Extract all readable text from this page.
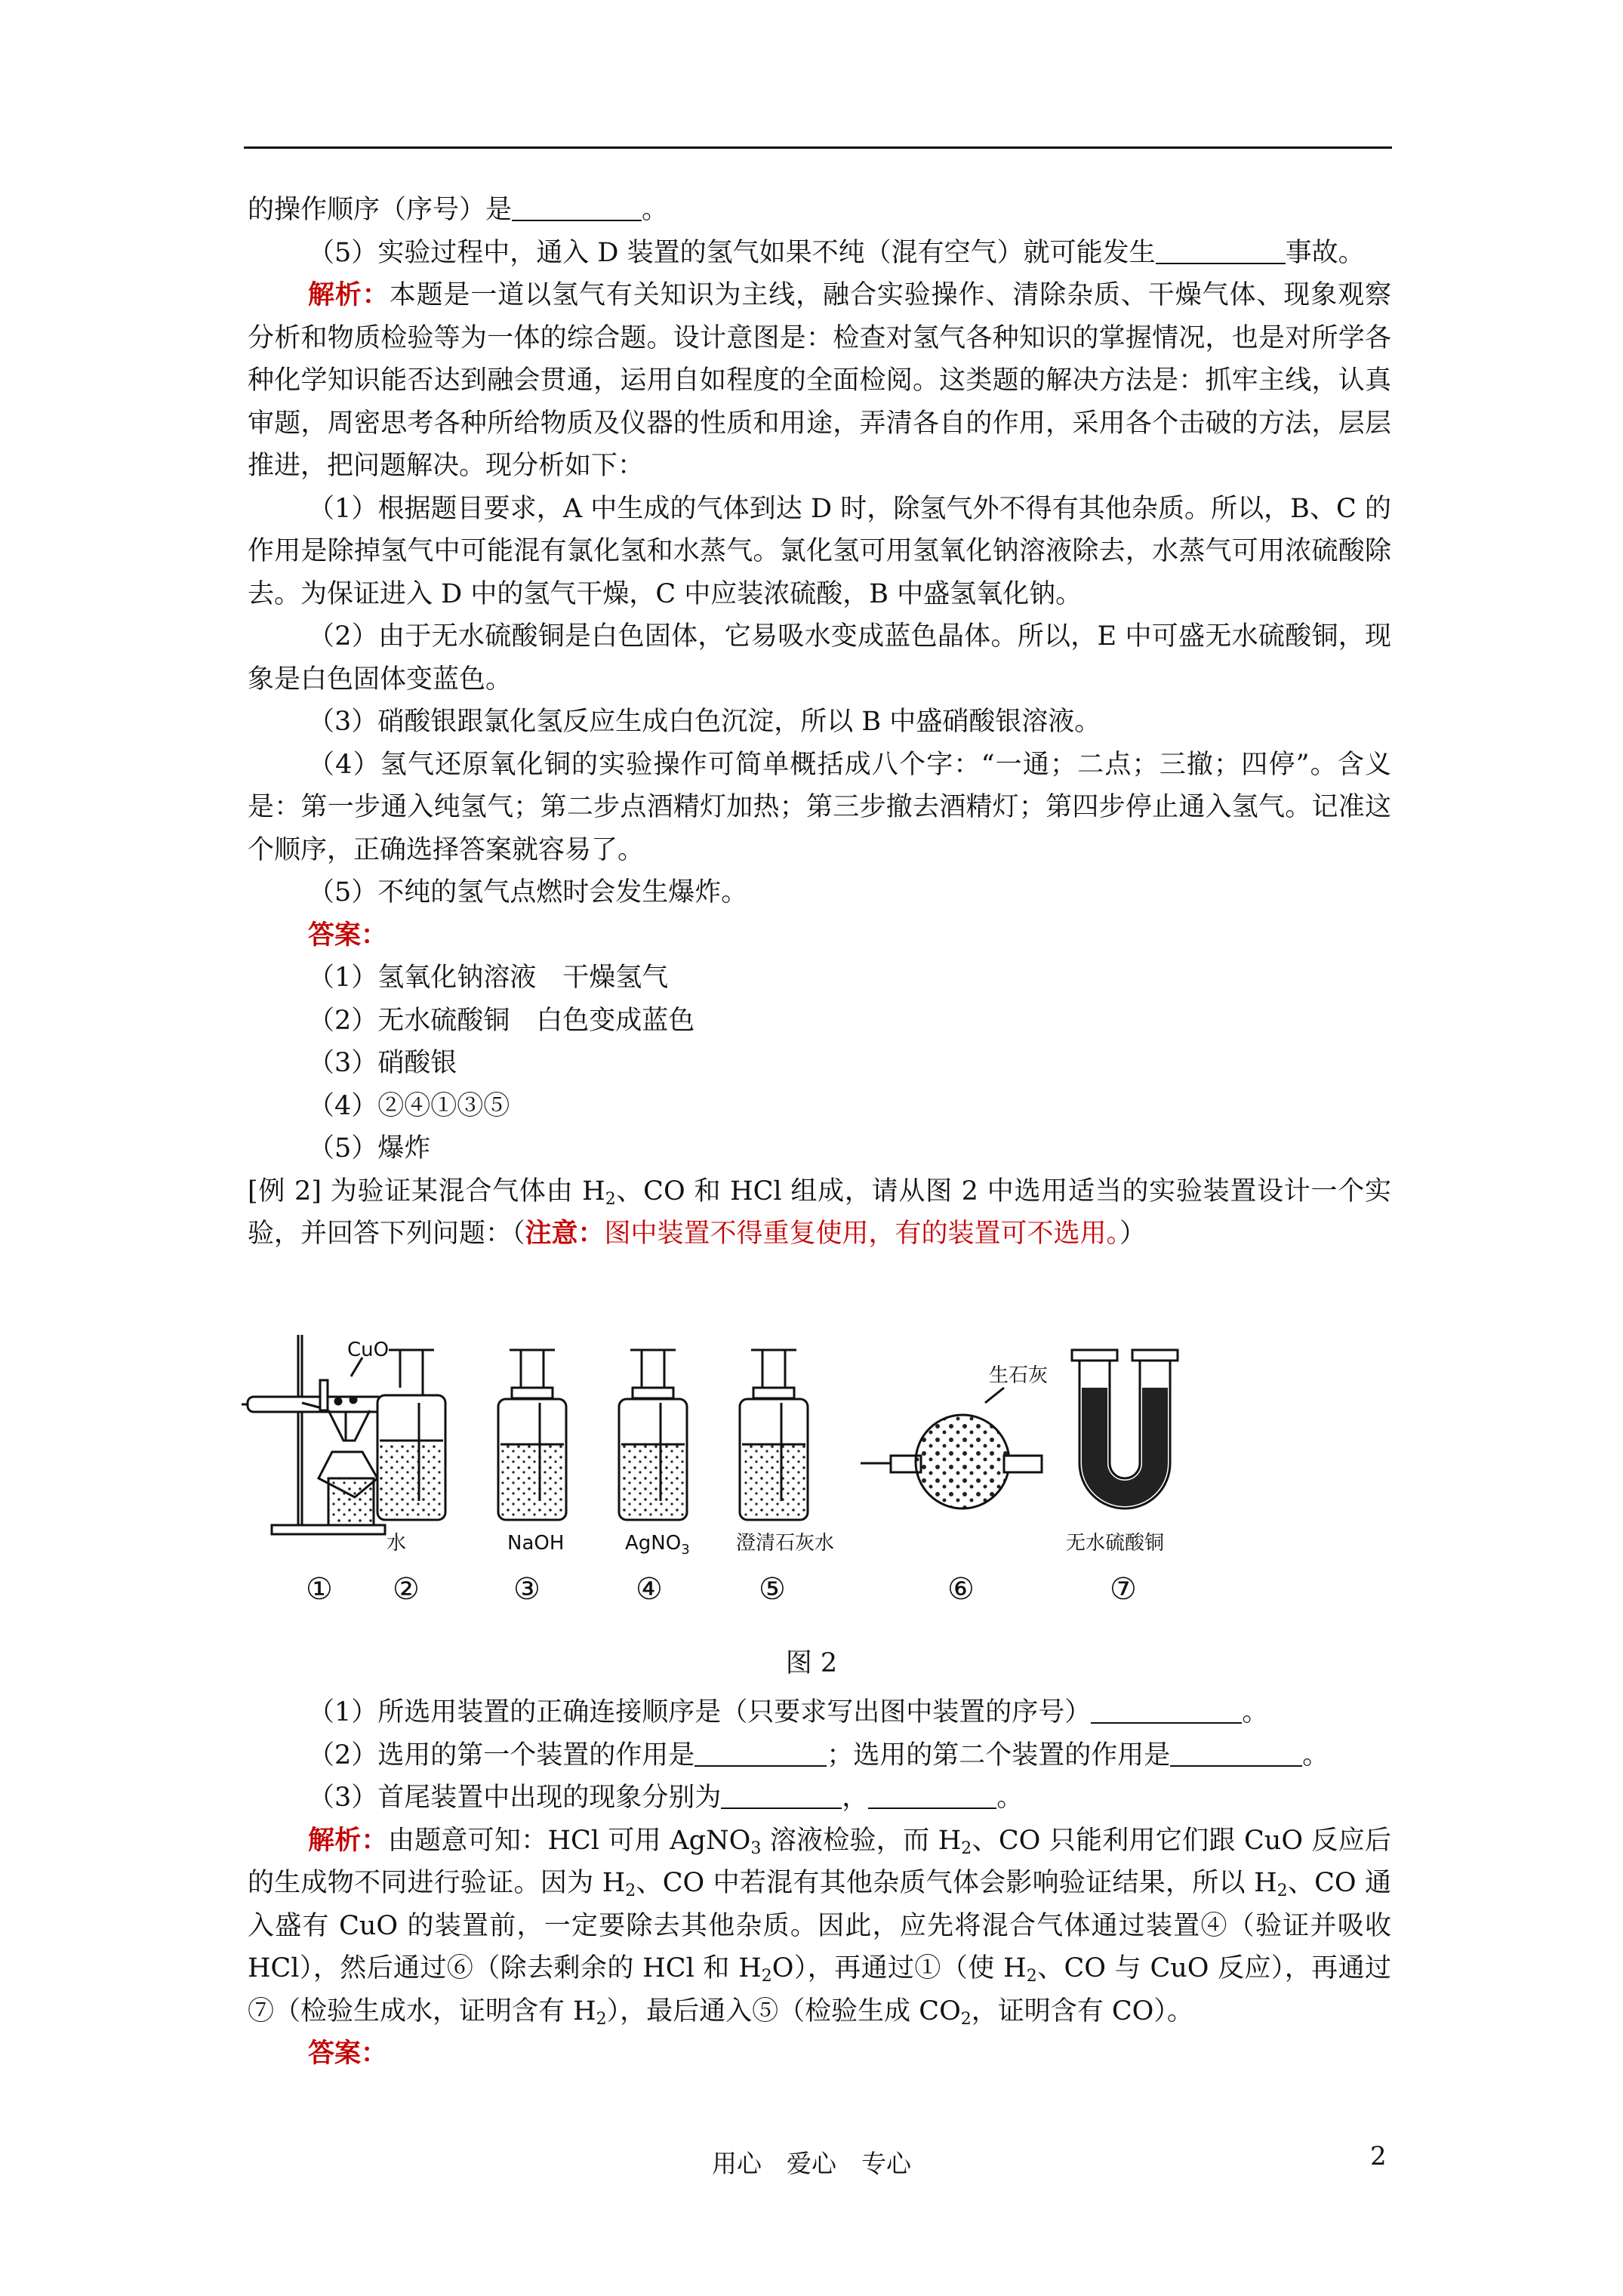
的操作顺序（序号）是	。

（5）实验过程中，通入 D 装置的氢气如果不纯（混有空气）就可能发生	事故。

解析：本题是一道以氢气有关知识为主线，融合实验操作、清除杂质、干燥气体、现象观察分析和物质检验等为一体的综合题。设计意图是：检查对氢气各种知识的掌握情况，也是对所学各种化学知识能否达到融会贯通，运用自如程度的全面检阅。这类题的解决方法是：抓牢主线，认真审题，周密思考各种所给物质及仪器的性质和用途，弄清各自的作用，采用各个击破的方法，层层推进，把问题解决。现分析如下：

（1）根据题目要求，A 中生成的气体到达 D 时，除氢气外不得有其他杂质。所以，B、C 的作用是除掉氢气中可能混有氯化氢和水蒸气。氯化氢可用氢氧化钠溶液除去，水蒸气可用浓硫酸除去。为保证进入 D 中的氢气干燥，C 中应装浓硫酸，B 中盛氢氧化钠。

（2）由于无水硫酸铜是白色固体，它易吸水变成蓝色晶体。所以，E 中可盛无水硫酸铜，现象是白色固体变蓝色。

（3）硝酸银跟氯化氢反应生成白色沉淀，所以 B 中盛硝酸银溶液。

（4）氢气还原氧化铜的实验操作可简单概括成八个字：“一通；二点；三撤；四停”。含义是：第一步通入纯氢气；第二步点酒精灯加热；第三步撤去酒精灯；第四步停止通入氢气。记准这个顺序，正确选择答案就容易了。

（5）不纯的氢气点燃时会发生爆炸。

答案：

（1）氢氧化钠溶液　干燥氢气

（2）无水硫酸铜　白色变成蓝色

（3）硝酸银

（4）②④①③⑤

（5）爆炸

[例 2] 为验证某混合气体由 $H_2$、CO 和 HCl 组成，请从图 2 中选用适当的实验装置设计一个实验，并回答下列问题：（注意：图中装置不得重复使用，有的装置可不选用。）

CuO
水	NaOH	AgNO$_3$ 澄清石灰水
生石灰
无水硫酸铜
① ②	③	④	⑤	⑥	⑦
图 2

（1）所选用装置的正确连接顺序是（只要求写出图中装置的序号）	。

（2）选用的第一个装置的作用是	；选用的第二个装置的作用是	。

（3）首尾装置中出现的现象分别为	，	。

解析：由题意可知：HCl 可用 AgNO$_3$ 溶液检验，而 $H_2$、CO 只能利用它们跟 CuO 反应后的生成物不同进行验证。因为 $H_2$、CO 中若混有其他杂质气体会影响验证结果，所以 $H_2$、CO 通入盛有 CuO 的装置前，一定要除去其他杂质。因此，应先将混合气体通过装置④（验证并吸收 HCl），然后通过⑥（除去剩余的 HCl 和 $H_2O$），再通过①（使 $H_2$、CO 与 CuO 反应），再通过⑦（检验生成水，证明含有 $H_2$），最后通入⑤（检验生成 $CO_2$，证明含有 CO）。

答案：

用心　爱心　专心	2
